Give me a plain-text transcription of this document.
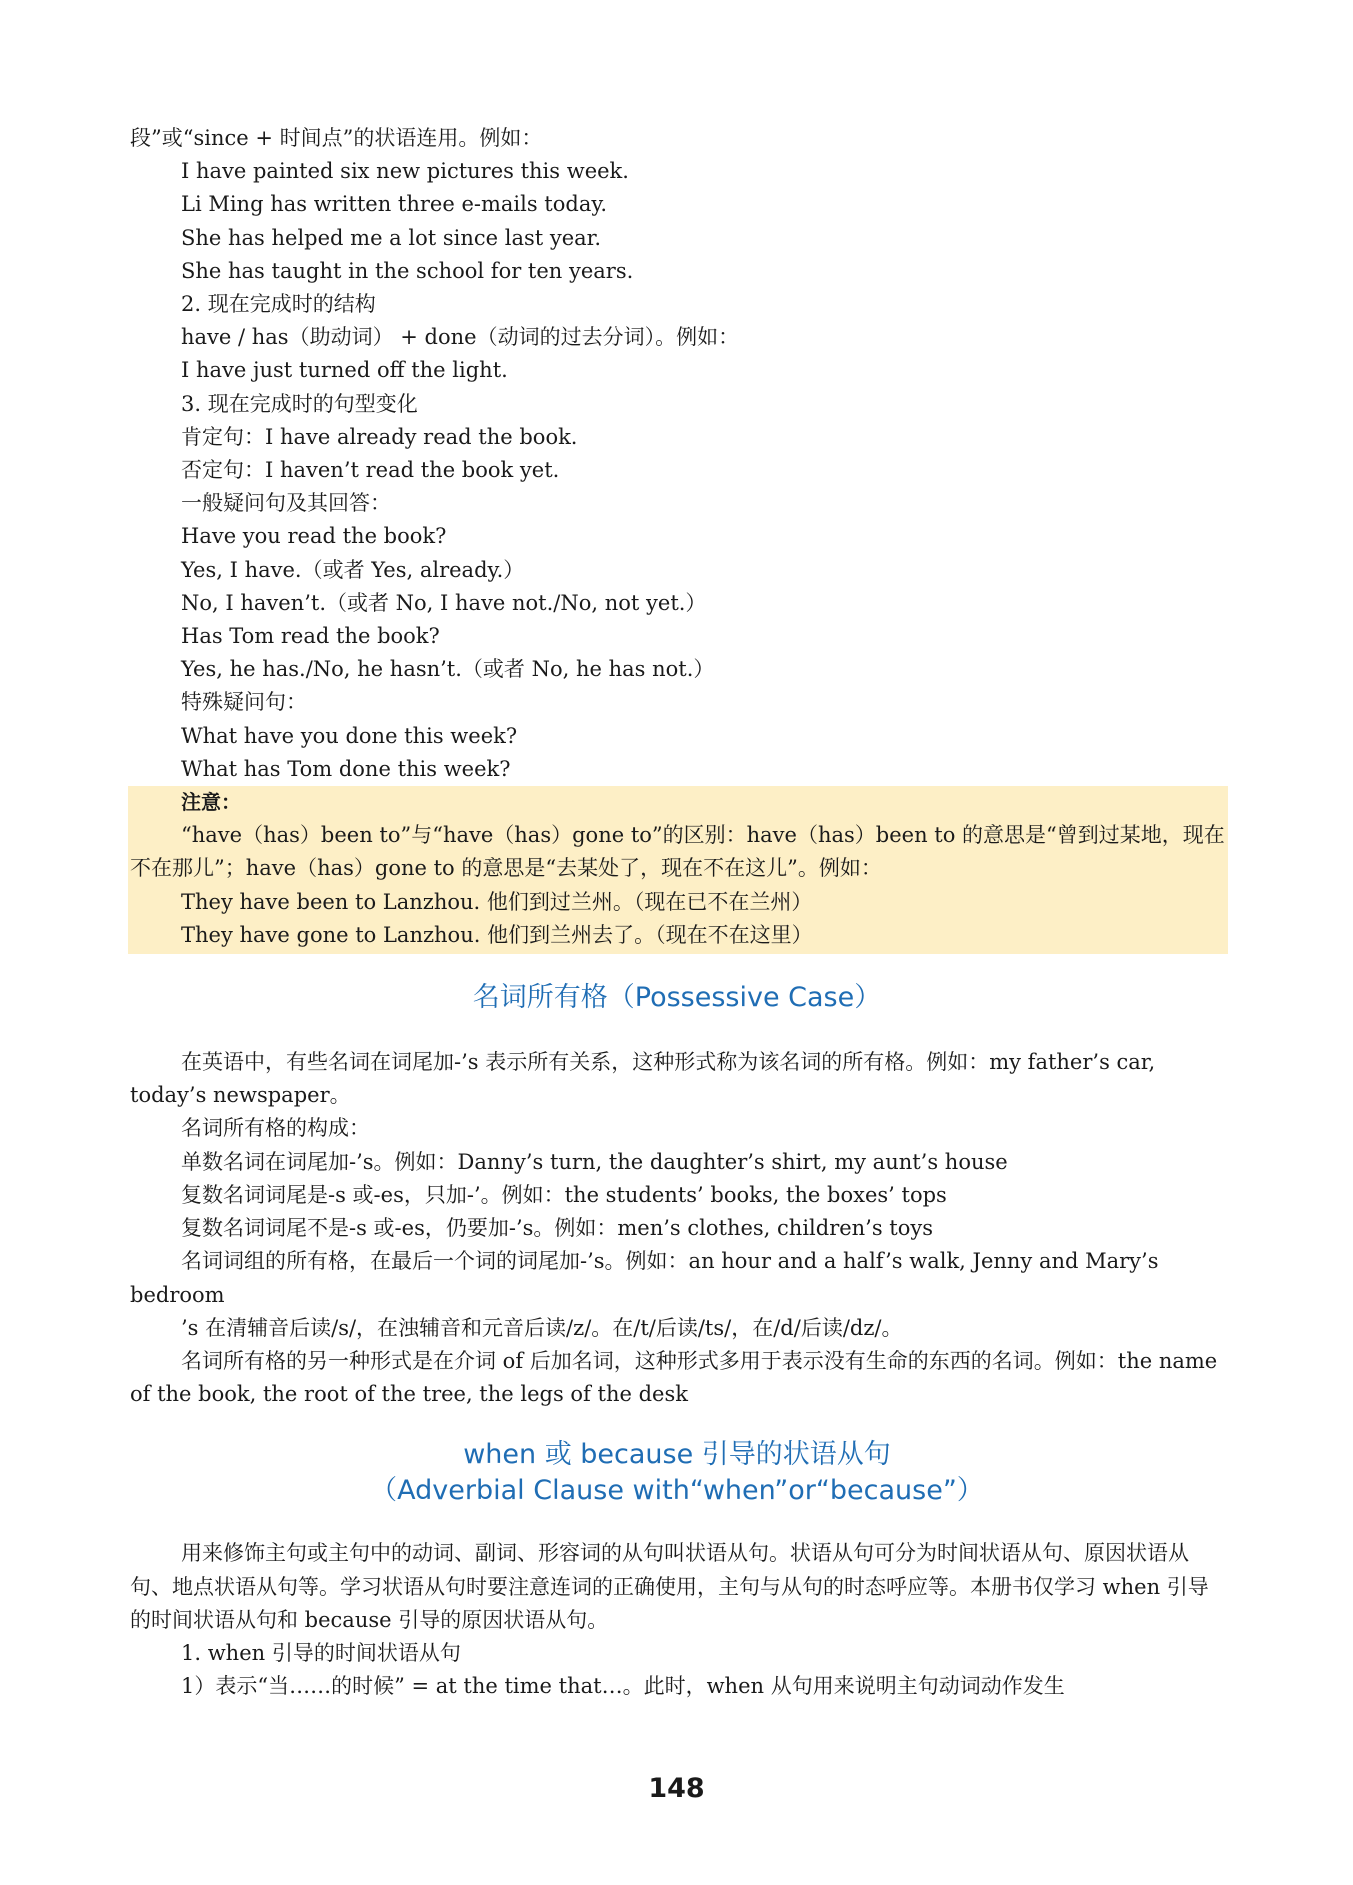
段”或“since + 时间点”的状语连用。例如：
I have painted six new pictures this week.
Li Ming has written three e-mails today.
She has helped me a lot since last year.
She has taught in the school for ten years.
2. 现在完成时的结构
have / has（助动词） + done（动词的过去分词）。例如：
I have just turned off the light.
3. 现在完成时的句型变化
肯定句：I have already read the book.
否定句：I haven’t read the book yet.
一般疑问句及其回答：
Have you read the book?
Yes, I have.（或者 Yes, already.）
No, I haven’t.（或者 No, I have not./No, not yet.）
Has Tom read the book?
Yes, he has./No, he hasn’t.（或者 No, he has not.）
特殊疑问句：
What have you done this week?
What has Tom done this week?
注意：
“have（has）been to”与“have（has）gone to”的区别：have（has）been to 的意思是“曾到过某地，现在不在那儿”；have（has）gone to 的意思是“去某处了，现在不在这儿”。例如：
They have been to Lanzhou. 他们到过兰州。（现在已不在兰州）
They have gone to Lanzhou. 他们到兰州去了。（现在不在这里）
名词所有格（Possessive Case）
在英语中，有些名词在词尾加-’s 表示所有关系，这种形式称为该名词的所有格。例如：my father’s car, today’s newspaper。
名词所有格的构成：
单数名词在词尾加-’s。例如：Danny’s turn, the daughter’s shirt, my aunt’s house
复数名词词尾是-s 或-es，只加-’。例如：the students’ books, the boxes’ tops
复数名词词尾不是-s 或-es，仍要加-’s。例如：men’s clothes, children’s toys
名词词组的所有格，在最后一个词的词尾加-’s。例如：an hour and a half’s walk, Jenny and Mary’s bedroom
’s 在清辅音后读/s/，在浊辅音和元音后读/z/。在/t/后读/ts/，在/d/后读/dz/。
名词所有格的另一种形式是在介词 of 后加名词，这种形式多用于表示没有生命的东西的名词。例如：the name of the book, the root of the tree, the legs of the desk
when 或 because 引导的状语从句
（Adverbial Clause with“when”or“because”）
用来修饰主句或主句中的动词、副词、形容词的从句叫状语从句。状语从句可分为时间状语从句、原因状语从句、地点状语从句等。学习状语从句时要注意连词的正确使用，主句与从句的时态呼应等。本册书仅学习 when 引导的时间状语从句和 because 引导的原因状语从句。
1. when 引导的时间状语从句
1）表示“当……的时候” = at the time that…。此时，when 从句用来说明主句动词动作发生
148
